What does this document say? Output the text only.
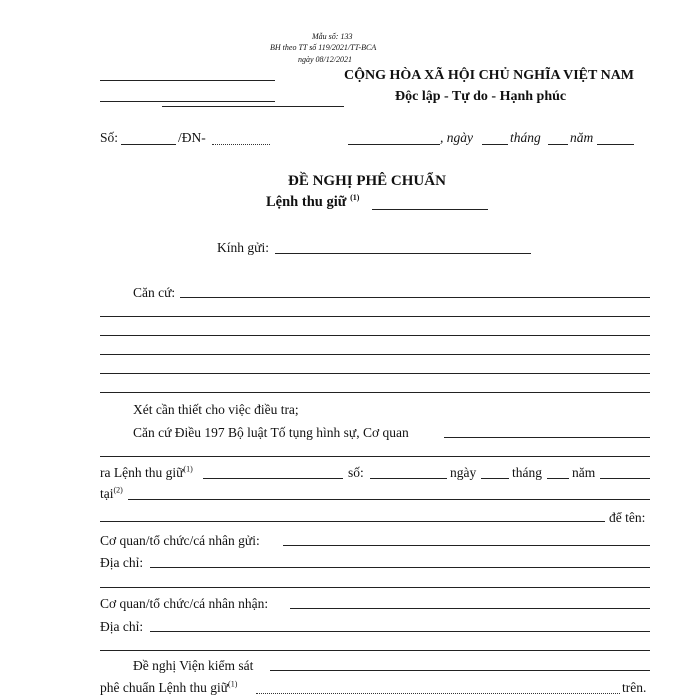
Mẫu số: 133
BH theo TT số 119/2021/TT-BCA
ngày 08/12/2021
CỘNG HÒA XÃ HỘI CHỦ NGHĨA VIỆT NAM
Độc lập - Tự do - Hạnh phúc
Số:	/ĐN-	, ngày	tháng năm
ĐỀ NGHỊ PHÊ CHUẨN
Lệnh thu giữ $^{(1)}$
Kính gửi:
Căn cứ:
Xét cần thiết cho việc điều tra;
Căn cứ Điều 197 Bộ luật Tố tụng hình sự, Cơ quan
ra Lệnh thu giữ$^{(1)}$	số:	ngày	tháng năm
tại$^{(2)}$
để tên:
Cơ quan/tổ chức/cá nhân gửi:
Địa chỉ:
Cơ quan/tổ chức/cá nhân nhận:
Địa chỉ:
Đề nghị Viện kiểm sát
phê chuẩn Lệnh thu giữ$^{(1)}$	trên.
